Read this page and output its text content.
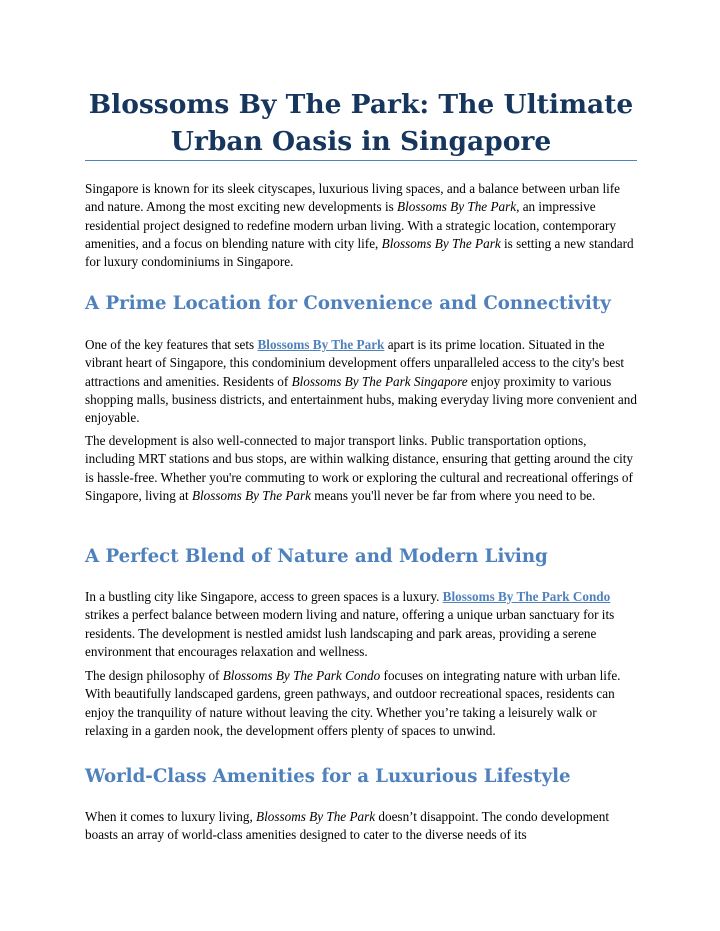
Blossoms By The Park: The Ultimate Urban Oasis in Singapore

Singapore is known for its sleek cityscapes, luxurious living spaces, and a balance between urban life and nature. Among the most exciting new developments is Blossoms By The Park, an impressive residential project designed to redefine modern urban living. With a strategic location, contemporary amenities, and a focus on blending nature with city life, Blossoms By The Park is setting a new standard for luxury condominiums in Singapore.

A Prime Location for Convenience and Connectivity

One of the key features that sets Blossoms By The Park apart is its prime location. Situated in the vibrant heart of Singapore, this condominium development offers unparalleled access to the city's best attractions and amenities. Residents of Blossoms By The Park Singapore enjoy proximity to various shopping malls, business districts, and entertainment hubs, making everyday living more convenient and enjoyable.

The development is also well-connected to major transport links. Public transportation options, including MRT stations and bus stops, are within walking distance, ensuring that getting around the city is hassle-free. Whether you're commuting to work or exploring the cultural and recreational offerings of Singapore, living at Blossoms By The Park means you'll never be far from where you need to be.

A Perfect Blend of Nature and Modern Living

In a bustling city like Singapore, access to green spaces is a luxury. Blossoms By The Park Condo strikes a perfect balance between modern living and nature, offering a unique urban sanctuary for its residents. The development is nestled amidst lush landscaping and park areas, providing a serene environment that encourages relaxation and wellness.

The design philosophy of Blossoms By The Park Condo focuses on integrating nature with urban life. With beautifully landscaped gardens, green pathways, and outdoor recreational spaces, residents can enjoy the tranquility of nature without leaving the city. Whether you’re taking a leisurely walk or relaxing in a garden nook, the development offers plenty of spaces to unwind.

World-Class Amenities for a Luxurious Lifestyle

When it comes to luxury living, Blossoms By The Park doesn’t disappoint. The condo development boasts an array of world-class amenities designed to cater to the diverse needs of its
